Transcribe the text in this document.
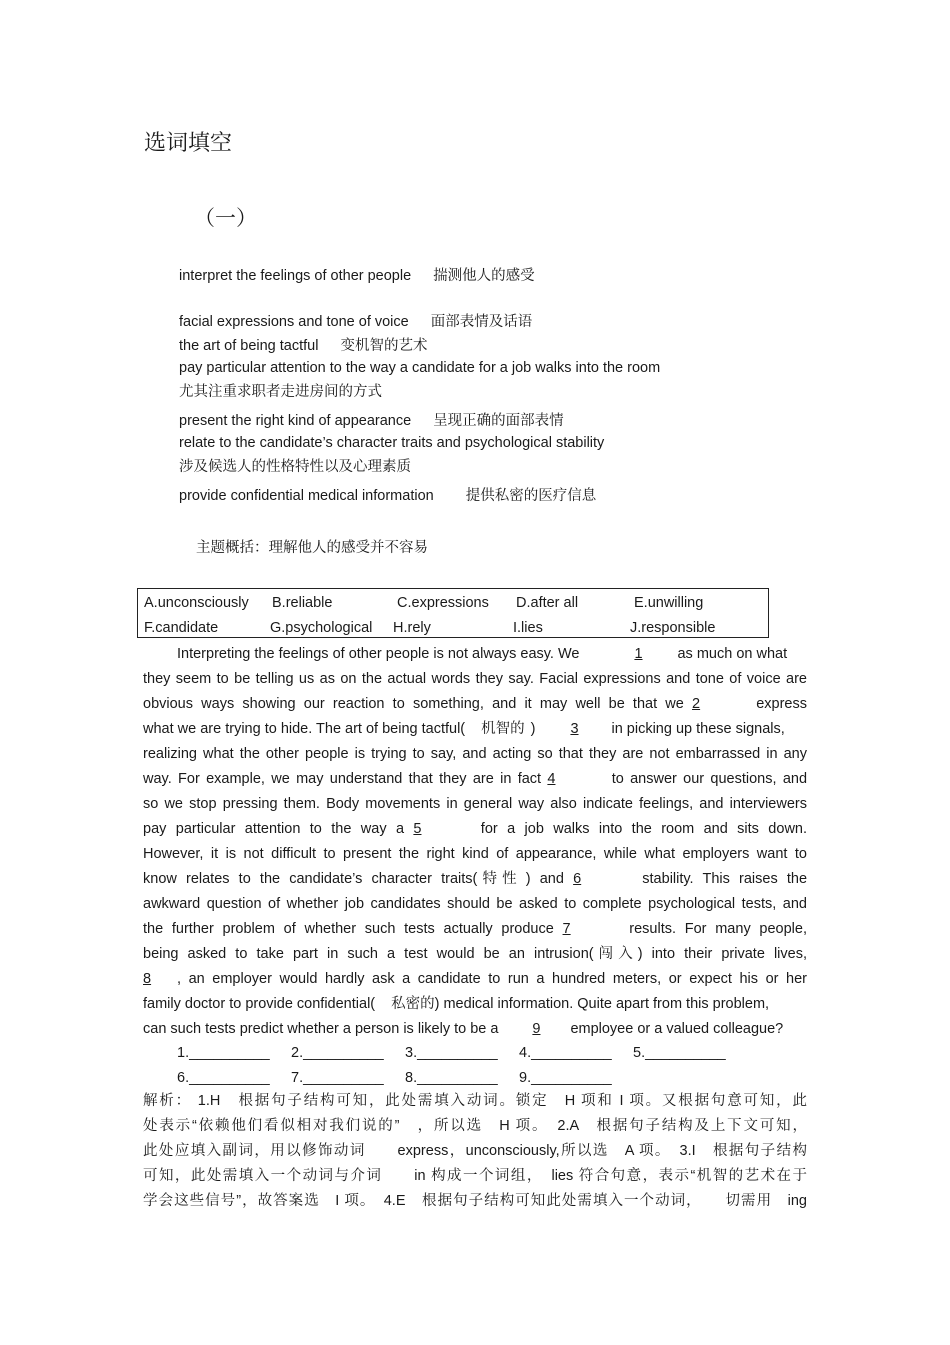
选词填空
（一）
interpret the feelings of other people 揣测他人的感受
facial expressions and tone of voice 面部表情及话语
the art of being tactful 变机智的艺术
pay particular attention to the way a candidate for a job walks into the room
尤其注重求职者走进房间的方式
present the right kind of appearance 呈现正确的面部表情
relate to the candidate’s character traits and psychological stability
涉及候选人的性格特性以及心理素质
provide confidential medical information 提供私密的医疗信息
主题概括：理解他人的感受并不容易
A.unconsciously B.reliable	C.expressions D.after all	E.unwilling
F.candidate	G.psychological H.rely	I.lies	J.responsible
Interpreting the feelings of other people is not always easy. We	1 as much on what
they seem to be telling us as on the actual words they say. Facial expressions and tone of voice are
obvious ways showing our reaction to something, and it may well be that we 2	express
what we are trying to hide. The art of being tactful( 机智的 ) 3 in picking up these signals,
realizing what the other people is trying to say, and acting so that they are not embarrassed in any
way. For example, we may understand that they are in fact 4	to answer our questions, and
so we stop pressing them. Body movements in general way also indicate feelings, and interviewers
pay particular attention to the way a 5	for a job walks into the room and sits down.
However, it is not difficult to present the right kind of appearance, while what employers want to
know relates to the candidate’s character traits(特性 ) and 6	stability. This raises the
awkward question of whether job candidates should be asked to complete psychological tests, and
the further problem of whether such tests actually produce 7	results. For many people,
being asked to take part in such a test would be an intrusion(闯入) into their private lives,
8 , an employer would hardly ask a candidate to run a hundred meters, or expect his or her
family doctor to provide confidential( 私密的) medical information. Quite apart from this problem,
can such tests predict whether a person is likely to be a 9 employee or a valued colleague?
1.__________ 2.__________ 3.__________ 4.__________ 5.__________
6.__________ 7.__________ 8.__________ 9.__________
解析： 1.H　根据句子结构可知，此处需填入动词。锁定　H 项和 I 项。又根据句意可知，此
处表示“依赖他们看似相对我们说的”　，所以选　H 项。　2.A　根据句子结构及上下文可知，
此处应填入副词，用以修饰动词　　express，unconsciously,所以选　A 项。　3.I　根据句子结构
可知，此处需填入一个动词与介词　　in 构成一个词组，　lies 符合句意，表示“机智的艺术在于
学会这些信号”，故答案选　I 项。　4.E　根据句子结构可知此处需填入一个动词，　　切需用　ing
